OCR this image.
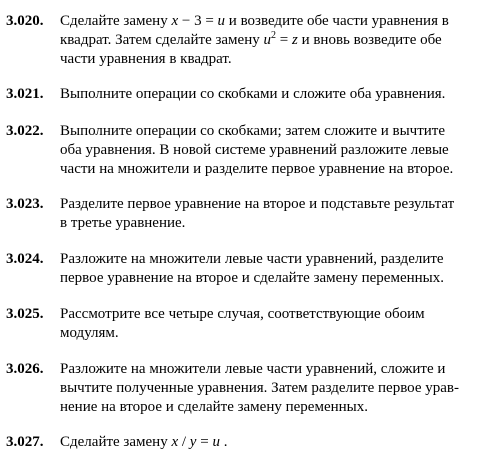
3.020. Сделайте замену x − 3 = u и возведите обе части уравнения в
квадрат. Затем сделайте замену $u^2 = z$ и вновь возведите обе
части уравнения в квадрат.
3.021. Выполните операции со скобками и сложите оба уравнения.
3.022. Выполните операции со скобками; затем сложите и вычтите
оба уравнения. В новой системе уравнений разложите левые
части на множители и разделите первое уравнение на второе.
3.023. Разделите первое уравнение на второе и подставьте результат
в третье уравнение.
3.024. Разложите на множители левые части уравнений, разделите
первое уравнение на второе и сделайте замену переменных.
3.025. Рассмотрите все четыре случая, соответствующие обоим
модулям.
3.026. Разложите на множители левые части уравнений, сложите и
вычтите полученные уравнения. Затем разделите первое урав-
нение на второе и сделайте замену переменных.
3.027. Сделайте замену x / y = u .
